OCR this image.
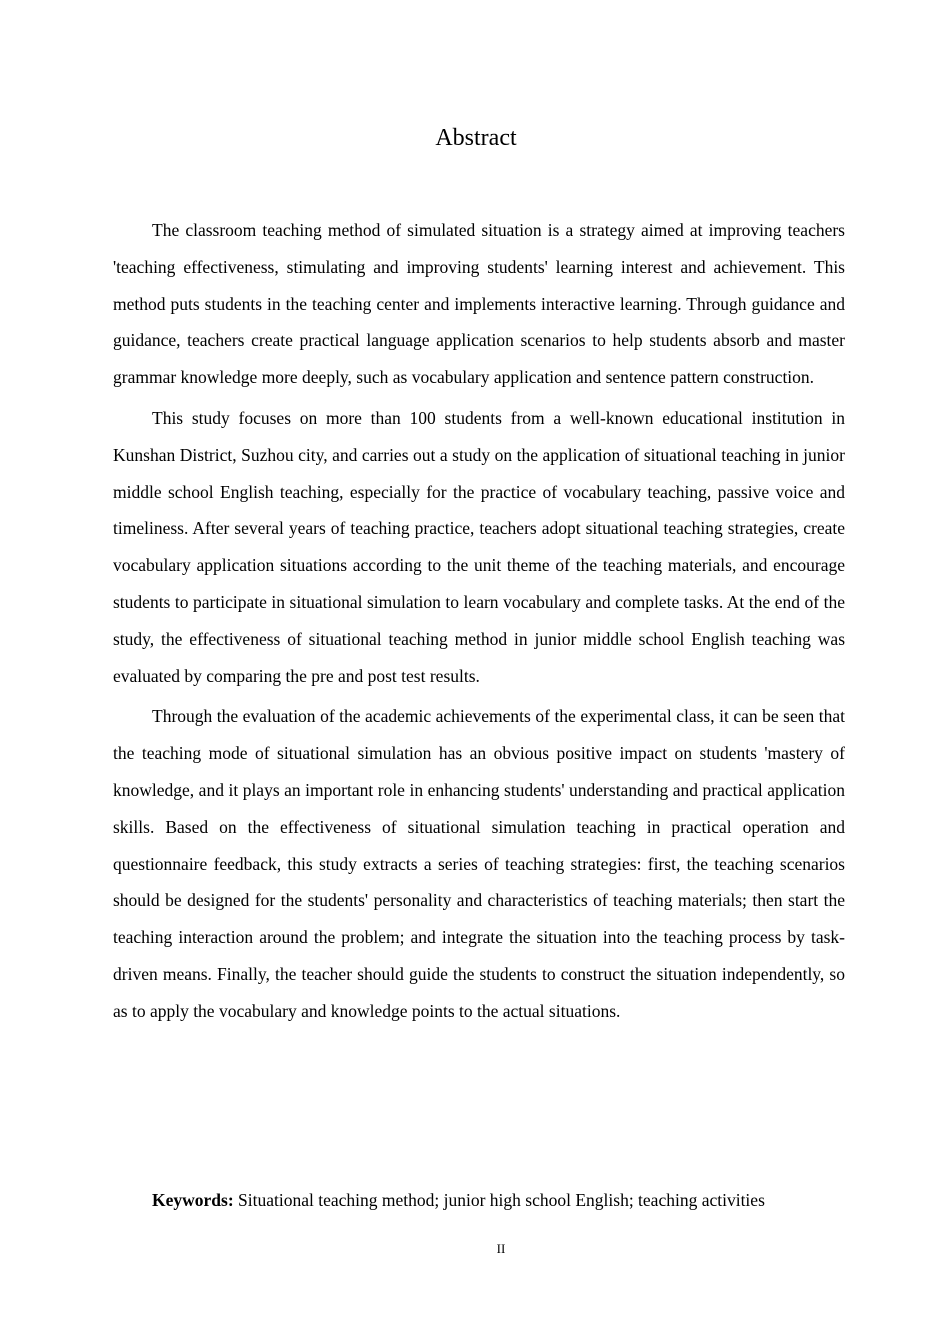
Abstract

The classroom teaching method of simulated situation is a strategy aimed at improving teachers 'teaching effectiveness, stimulating and improving students' learning interest and achievement. This method puts students in the teaching center and implements interactive learning. Through guidance and guidance, teachers create practical language application scenarios to help students absorb and master grammar knowledge more deeply, such as vocabulary application and sentence pattern construction.

This study focuses on more than 100 students from a well-known educational institution in Kunshan District, Suzhou city, and carries out a study on the application of situational teaching in junior middle school English teaching, especially for the practice of vocabulary teaching, passive voice and timeliness. After several years of teaching practice, teachers adopt situational teaching strategies, create vocabulary application situations according to the unit theme of the teaching materials, and encourage students to participate in situational simulation to learn vocabulary and complete tasks. At the end of the study, the effectiveness of situational teaching method in junior middle school English teaching was evaluated by comparing the pre and post test results.

Through the evaluation of the academic achievements of the experimental class, it can be seen that the teaching mode of situational simulation has an obvious positive impact on students 'mastery of knowledge, and it plays an important role in enhancing students' understanding and practical application skills. Based on the effectiveness of situational simulation teaching in practical operation and questionnaire feedback, this study extracts a series of teaching strategies: first, the teaching scenarios should be designed for the students' personality and characteristics of teaching materials; then start the teaching interaction around the problem; and integrate the situation into the teaching process by task-driven means. Finally, the teacher should guide the students to construct the situation independently, so as to apply the vocabulary and knowledge points to the actual situations.

Keywords: Situational teaching method; junior high school English; teaching activities

II
